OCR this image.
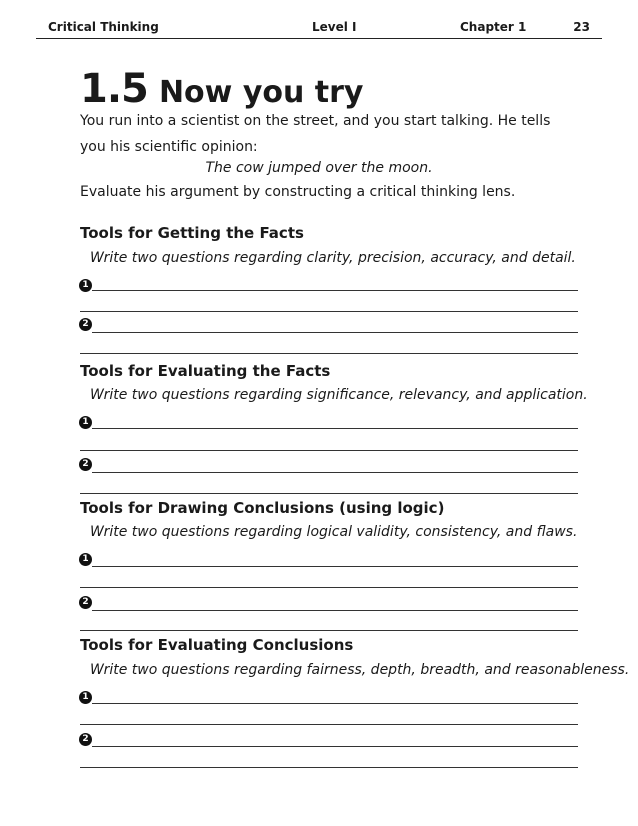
Critical Thinking	Level I	Chapter 1	23
1.5 Now you try
You run into a scientist on the street, and you start talking. He tells
you his scientific opinion:
The cow jumped over the moon.
Evaluate his argument by constructing a critical thinking lens.
Tools for Getting the Facts
Write two questions regarding clarity, precision, accuracy, and detail.
1
2
Tools for Evaluating the Facts
Write two questions regarding significance, relevancy, and application.
1
2
Tools for Drawing Conclusions (using logic)
Write two questions regarding logical validity, consistency, and flaws.
1
2
Tools for Evaluating Conclusions
Write two questions regarding fairness, depth, breadth, and reasonableness.
1
2
